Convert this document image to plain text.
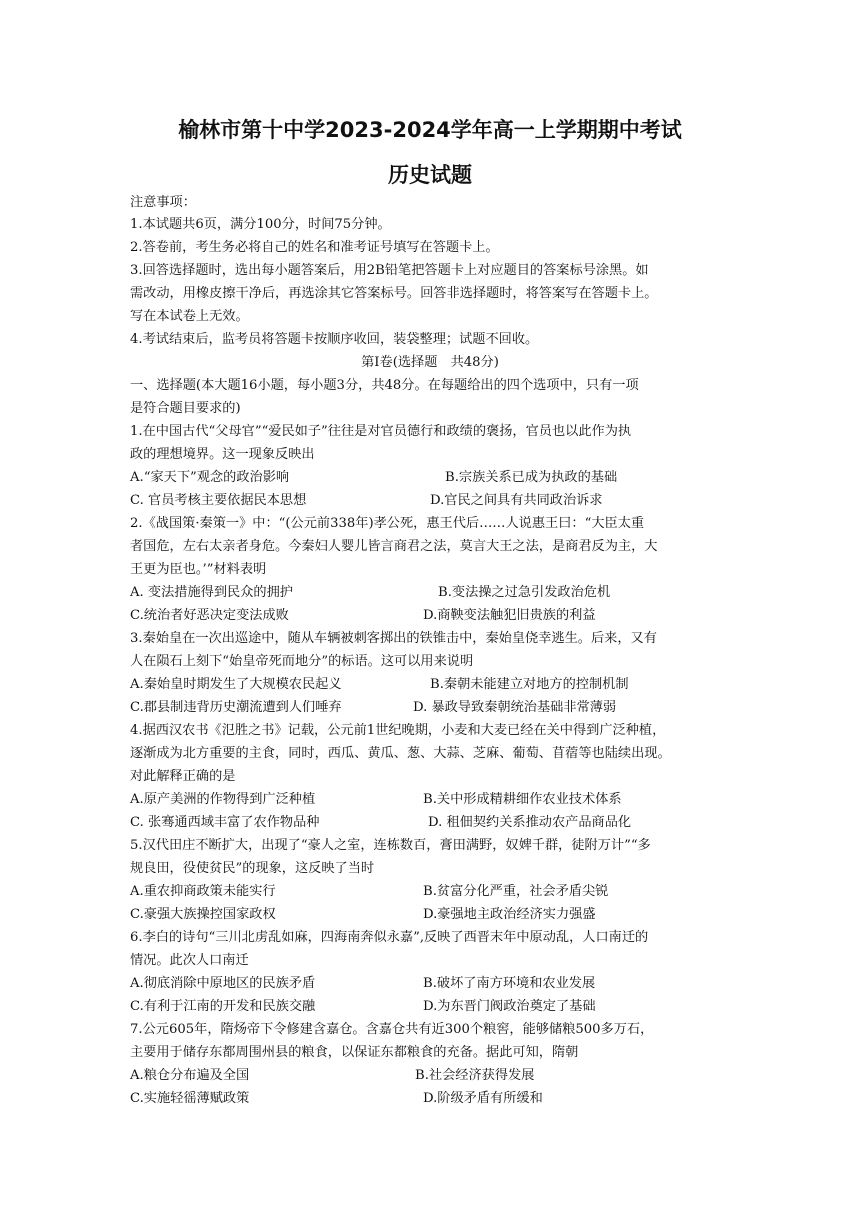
榆林市第十中学2023-2024学年高一上学期期中考试
历史试题
注意事项：
1.本试题共6页，满分100分，时间75分钟。
2.答卷前，考生务必将自己的姓名和准考证号填写在答题卡上。
3.回答选择题时，选出每小题答案后，用2B铅笔把答题卡上对应题目的答案标号涂黑。如
需改动，用橡皮擦干净后，再选涂其它答案标号。回答非选择题时，将答案写在答题卡上。
写在本试卷上无效。
4.考试结束后，监考员将答题卡按顺序收回，装袋整理；试题不回收。
第Ⅰ卷(选择题　共48分)
一、选择题(本大题16小题，每小题3分，共48分。在每题给出的四个选项中，只有一项
是符合题目要求的)
1.在中国古代“父母官”“爱民如子”往往是对官员德行和政绩的褒扬，官员也以此作为执
政的理想境界。这一现象反映出
A.“家天下”观念的政治影响	B.宗族关系已成为执政的基础
C. 官员考核主要依据民本思想	D.官民之间具有共同政治诉求
2.《战国策·秦策一》中：“(公元前338年)孝公死，惠王代后……人说惠王曰：“大臣太重
者国危，左右太亲者身危。今秦妇人婴儿皆言商君之法，莫言大王之法，是商君反为主，大
王更为臣也。’”材料表明
A. 变法措施得到民众的拥护	B.变法操之过急引发政治危机
C.统治者好恶决定变法成败	D.商鞅变法触犯旧贵族的利益
3.秦始皇在一次出巡途中，随从车辆被刺客掷出的铁锥击中，秦始皇侥幸逃生。后来，又有
人在陨石上刻下“始皇帝死而地分”的标语。这可以用来说明
A.秦始皇时期发生了大规模农民起义	B.秦朝未能建立对地方的控制机制
C.郡县制违背历史潮流遭到人们唾弃	D. 暴政导致秦朝统治基础非常薄弱
4.据西汉农书《氾胜之书》记载，公元前1世纪晚期，小麦和大麦已经在关中得到广泛种植，
逐渐成为北方重要的主食，同时，西瓜、黄瓜、葱、大蒜、芝麻、葡萄、苜蓿等也陆续出现。
对此解释正确的是
A.原产美洲的作物得到广泛种植	B.关中形成精耕细作农业技术体系
C. 张骞通西域丰富了农作物品种	D. 租佃契约关系推动农产品商品化
5.汉代田庄不断扩大，出现了“豪人之室，连栋数百，膏田满野，奴婢千群，徒附万计”“多
规良田，役使贫民”的现象，这反映了当时
A.重农抑商政策未能实行	B.贫富分化严重，社会矛盾尖锐
C.豪强大族操控国家政权	D.豪强地主政治经济实力强盛
6.李白的诗句“三川北虏乱如麻，四海南奔似永嘉”,反映了西晋末年中原动乱，人口南迁的
情况。此次人口南迁
A.彻底消除中原地区的民族矛盾	B.破坏了南方环境和农业发展
C.有利于江南的开发和民族交融	D.为东晋门阀政治奠定了基础
7.公元605年，隋炀帝下令修建含嘉仓。含嘉仓共有近300个粮窖，能够储粮500多万石，
主要用于储存东都周围州县的粮食，以保证东都粮食的充备。据此可知，隋朝
A.粮仓分布遍及全国	B.社会经济获得发展
C.实施轻徭薄赋政策	D.阶级矛盾有所缓和
